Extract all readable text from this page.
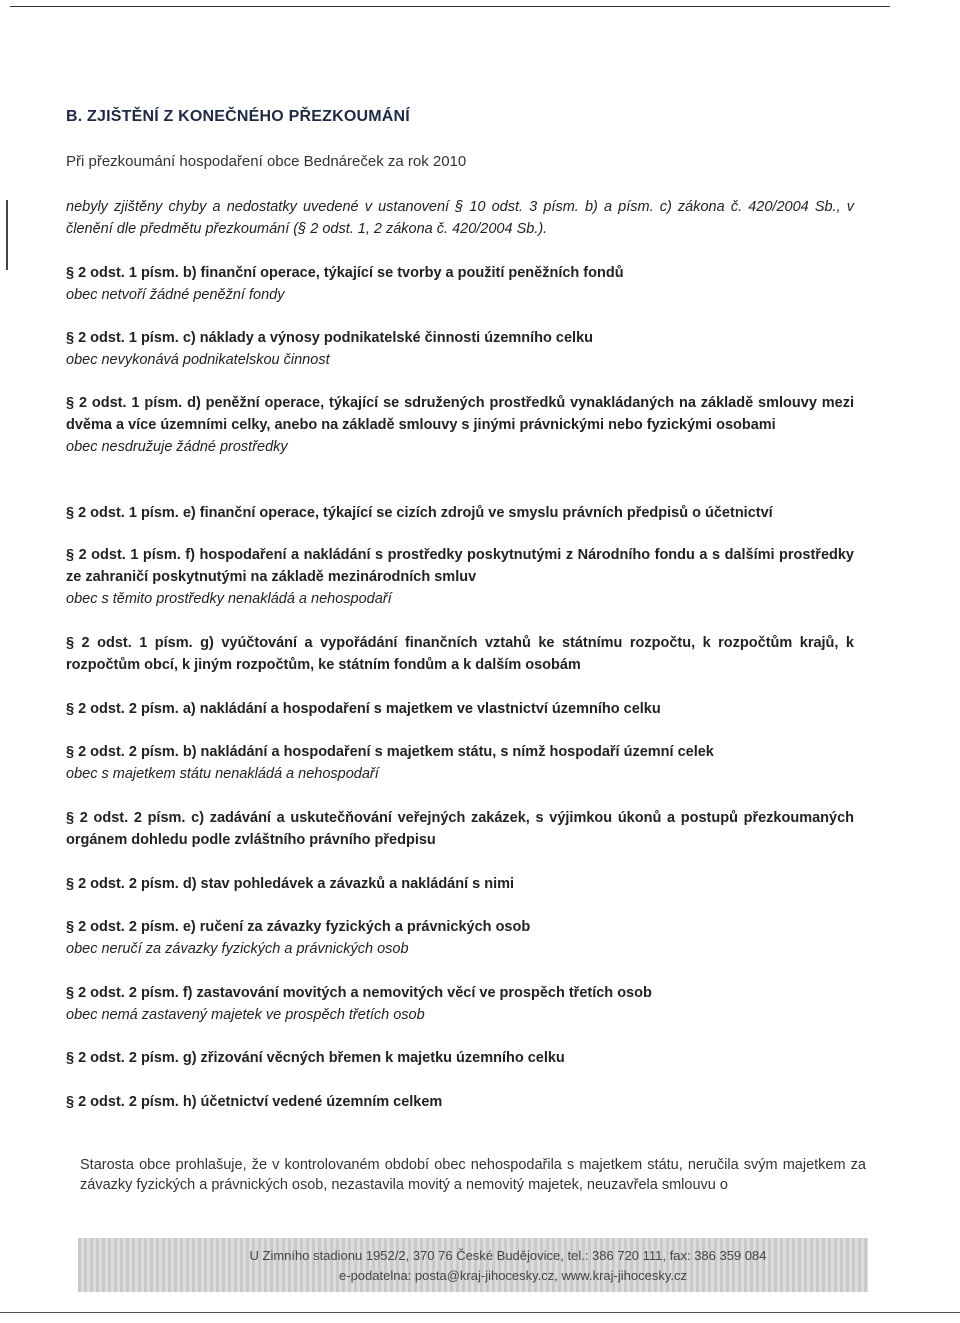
B. ZJIŠTĚNÍ Z KONEČNÉHO PŘEZKOUMÁNÍ
Při přezkoumání hospodaření obce Bednáreček za rok 2010

nebyly zjištěny chyby a nedostatky uvedené v ustanovení § 10 odst. 3 písm. b) a písm. c) zákona č. 420/2004 Sb., v členění dle předmětu přezkoumání (§ 2 odst. 1, 2 zákona č. 420/2004 Sb.).

§ 2 odst. 1 písm. b) finanční operace, týkající se tvorby a použití peněžních fondů

obec netvoří žádné peněžní fondy

§ 2 odst. 1 písm. c) náklady a výnosy podnikatelské činnosti územního celku

obec nevykonává podnikatelskou činnost

§ 2 odst. 1 písm. d) peněžní operace, týkající se sdružených prostředků vynakládaných na základě smlouvy mezi dvěma a více územními celky, anebo na základě smlouvy s jinými právnickými nebo fyzickými osobami

obec nesdružuje žádné prostředky

§ 2 odst. 1 písm. e) finanční operace, týkající se cizích zdrojů ve smyslu právních předpisů o účetnictví

§ 2 odst. 1 písm. f) hospodaření a nakládání s prostředky poskytnutými z Národního fondu a s dalšími prostředky ze zahraničí poskytnutými na základě mezinárodních smluv

obec s těmito prostředky nenakládá a nehospodaří

§ 2 odst. 1 písm. g) vyúčtování a vypořádání finančních vztahů ke státnímu rozpočtu, k rozpočtům krajů, k rozpočtům obcí, k jiným rozpočtům, ke státním fondům a k dalším osobám

§ 2 odst. 2 písm. a) nakládání a hospodaření s majetkem ve vlastnictví územního celku

§ 2 odst. 2 písm. b) nakládání a hospodaření s majetkem státu, s nímž hospodaří územní celek

obec s majetkem státu nenakládá a nehospodaří

§ 2 odst. 2 písm. c) zadávání a uskutečňování veřejných zakázek, s výjimkou úkonů a postupů přezkoumaných orgánem dohledu podle zvláštního právního předpisu

§ 2 odst. 2 písm. d) stav pohledávek a závazků a nakládání s nimi

§ 2 odst. 2 písm. e) ručení za závazky fyzických a právnických osob

obec neručí za závazky fyzických a právnických osob

§ 2 odst. 2 písm. f) zastavování movitých a nemovitých věcí ve prospěch třetích osob

obec nemá zastavený majetek ve prospěch třetích osob

§ 2 odst. 2 písm. g) zřizování věcných břemen k majetku územního celku

§ 2 odst. 2 písm. h) účetnictví vedené územním celkem

Starosta obce prohlašuje, že v kontrolovaném období obec nehospodařila s majetkem státu, neručila svým majetkem za závazky fyzických a právnických osob, nezastavila movitý a nemovitý majetek, neuzavřela smlouvu o
U Zimního stadionu 1952/2, 370 76 České Budějovice, tel.: 386 720 111, fax: 386 359 084
e-podatelna: posta@kraj-jihocesky.cz, www.kraj-jihocesky.cz
